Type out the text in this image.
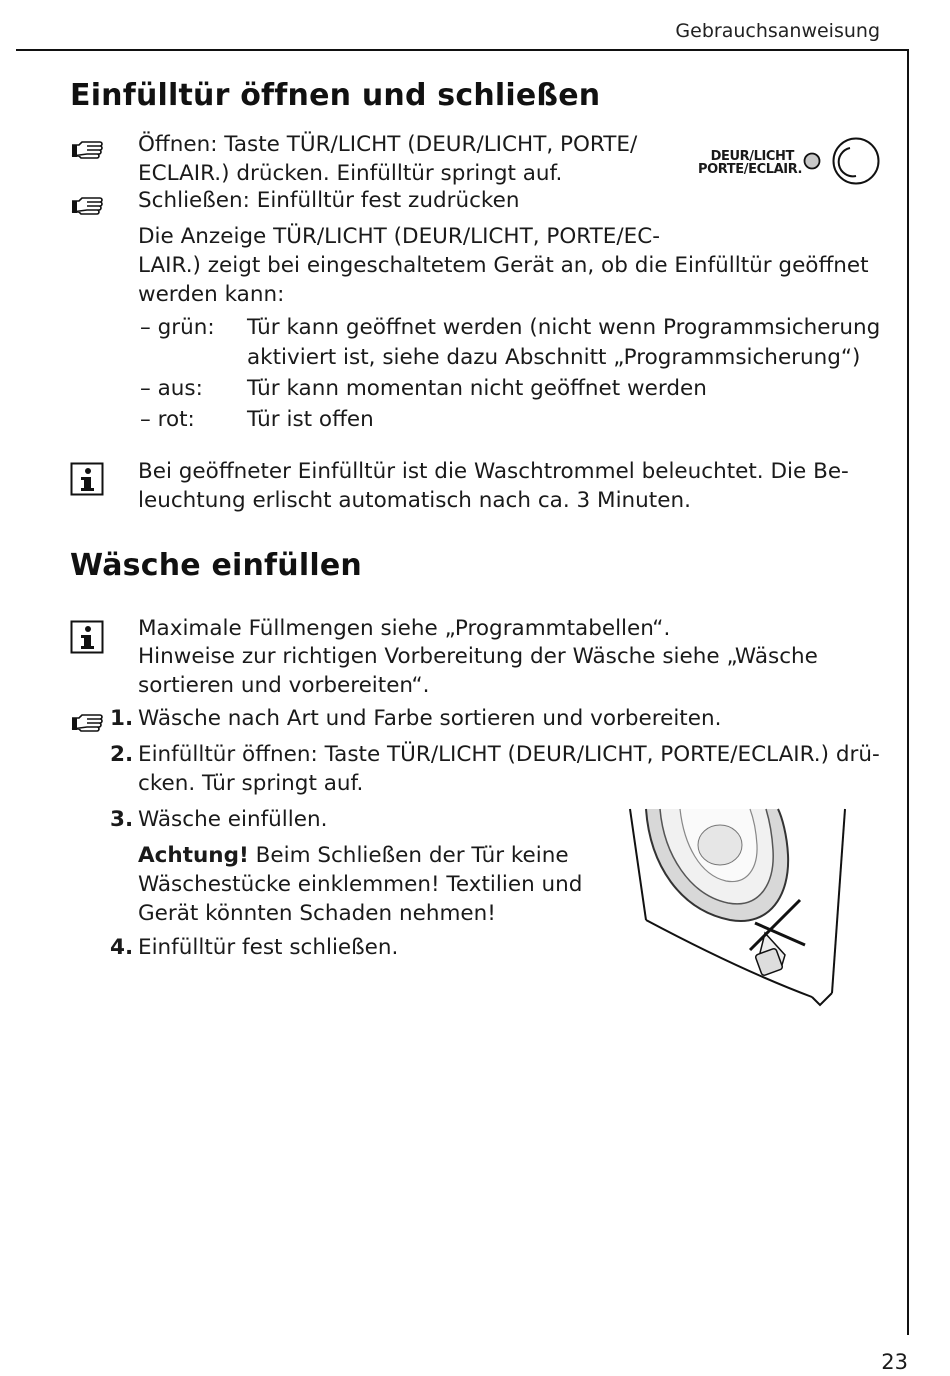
Gebrauchsanweisung
Einfülltür öffnen und schließen
Öffnen: Taste TÜR/LICHT (DEUR/LICHT, PORTE/
ECLAIR.) drücken. Einfülltür springt auf.
Schließen: Einfülltür fest zudrücken
Die Anzeige TÜR/LICHT (DEUR/LICHT, PORTE/EC-
LAIR.) zeigt bei eingeschaltetem Gerät an, ob die Einfülltür geöffnet
werden kann:
– grün: Tür kann geöffnet werden (nicht wenn Programmsicherung
aktiviert ist, siehe dazu Abschnitt „Programmsicherung“)
– aus: Tür kann momentan nicht geöffnet werden
– rot: Tür ist offen
Bei geöffneter Einfülltür ist die Waschtrommel beleuchtet. Die Be-
leuchtung erlischt automatisch nach ca. 3 Minuten.
DEUR/LICHT
PORTE/ECLAIR.
Wäsche einfüllen
Maximale Füllmengen siehe „Programmtabellen“.
Hinweise zur richtigen Vorbereitung der Wäsche siehe „Wäsche
sortieren und vorbereiten“.
1. Wäsche nach Art und Farbe sortieren und vorbereiten.
2. Einfülltür öffnen: Taste TÜR/LICHT (DEUR/LICHT, PORTE/ECLAIR.) drü-
cken. Tür springt auf.
3. Wäsche einfüllen.
Achtung! Beim Schließen der Tür keine
Wäschestücke einklemmen! Textilien und
Gerät könnten Schaden nehmen!
4. Einfülltür fest schließen.
23
